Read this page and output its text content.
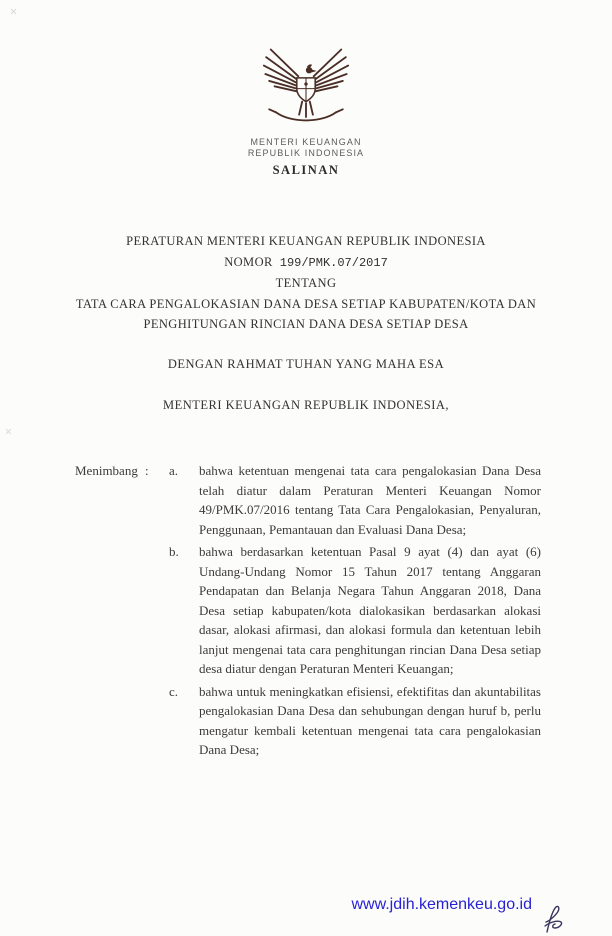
MENTERI KEUANGAN
REPUBLIK INDONESIA
SALINAN
PERATURAN MENTERI KEUANGAN REPUBLIK INDONESIA
NOMOR 199/PMK.07/2017
TENTANG
TATA CARA PENGALOKASIAN DANA DESA SETIAP KABUPATEN/KOTA DAN
PENGHITUNGAN RINCIAN DANA DESA SETIAP DESA
DENGAN RAHMAT TUHAN YANG MAHA ESA
MENTERI KEUANGAN REPUBLIK INDONESIA,
Menimbang :	a.	bahwa ketentuan mengenai tata cara pengalokasian Dana Desa telah diatur dalam Peraturan Menteri Keuangan Nomor 49/PMK.07/2016 tentang Tata Cara Pengalokasian, Penyaluran, Penggunaan, Pemantauan dan Evaluasi Dana Desa;
b.	bahwa berdasarkan ketentuan Pasal 9 ayat (4) dan ayat (6) Undang-Undang Nomor 15 Tahun 2017 tentang Anggaran Pendapatan dan Belanja Negara Tahun Anggaran 2018, Dana Desa setiap kabupaten/kota dialokasikan berdasarkan alokasi dasar, alokasi afirmasi, dan alokasi formula dan ketentuan lebih lanjut mengenai tata cara penghitungan rincian Dana Desa setiap desa diatur dengan Peraturan Menteri Keuangan;
c.	bahwa untuk meningkatkan efisiensi, efektifitas dan akuntabilitas pengalokasian Dana Desa dan sehubungan dengan huruf b, perlu mengatur kembali ketentuan mengenai tata cara pengalokasian Dana Desa;
www.jdih.kemenkeu.go.id
